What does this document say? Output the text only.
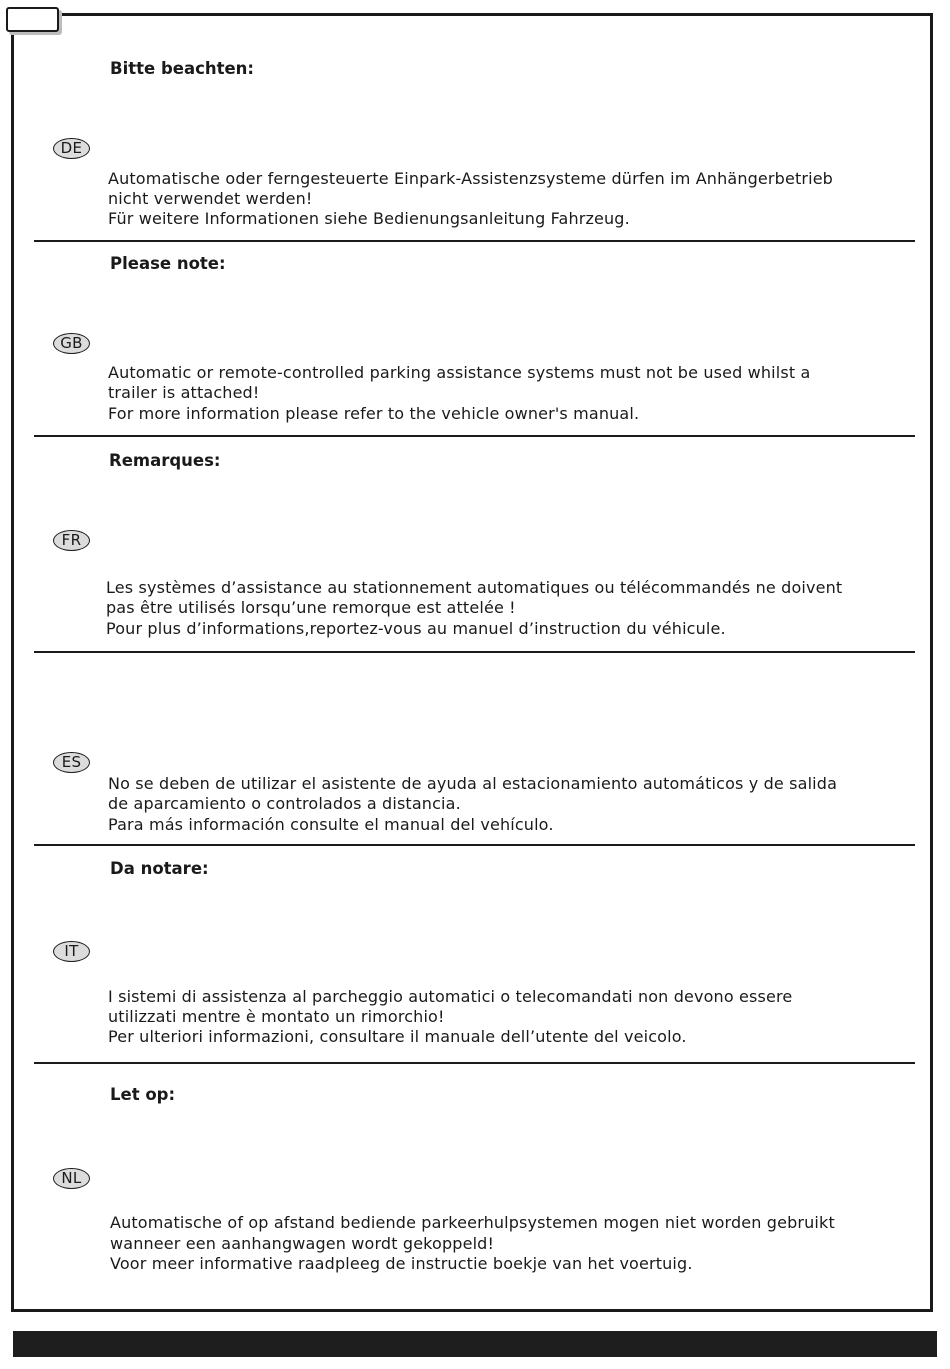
Bitte beachten:
DE
Automatische oder ferngesteuerte Einpark-Assistenzsysteme dürfen im Anhängerbetrieb
nicht verwendet werden!
Für weitere Informationen siehe Bedienungsanleitung Fahrzeug.
Please note:
GB
Automatic or remote-controlled parking assistance systems must not be used whilst a
trailer is attached!
For more information please refer to the vehicle owner's manual.
Remarques:
FR
Les systèmes d’assistance au stationnement automatiques ou télécommandés ne doivent
pas être utilisés lorsqu’une remorque est attelée !
Pour plus d’informations,reportez-vous au manuel d’instruction du véhicule.
ES
No se deben de utilizar el asistente de ayuda al estacionamiento automáticos y de salida
de aparcamiento o controlados a distancia.
Para más información consulte el manual del vehículo.
Da notare:
IT
I sistemi di assistenza al parcheggio automatici o telecomandati non devono essere
utilizzati mentre è montato un rimorchio!
Per ulteriori informazioni, consultare il manuale dell’utente del veicolo.
Let op:
NL
Automatische of op afstand bediende parkeerhulpsystemen mogen niet worden gebruikt
wanneer een aanhangwagen wordt gekoppeld!
Voor meer informative raadpleeg de instructie boekje van het voertuig.
